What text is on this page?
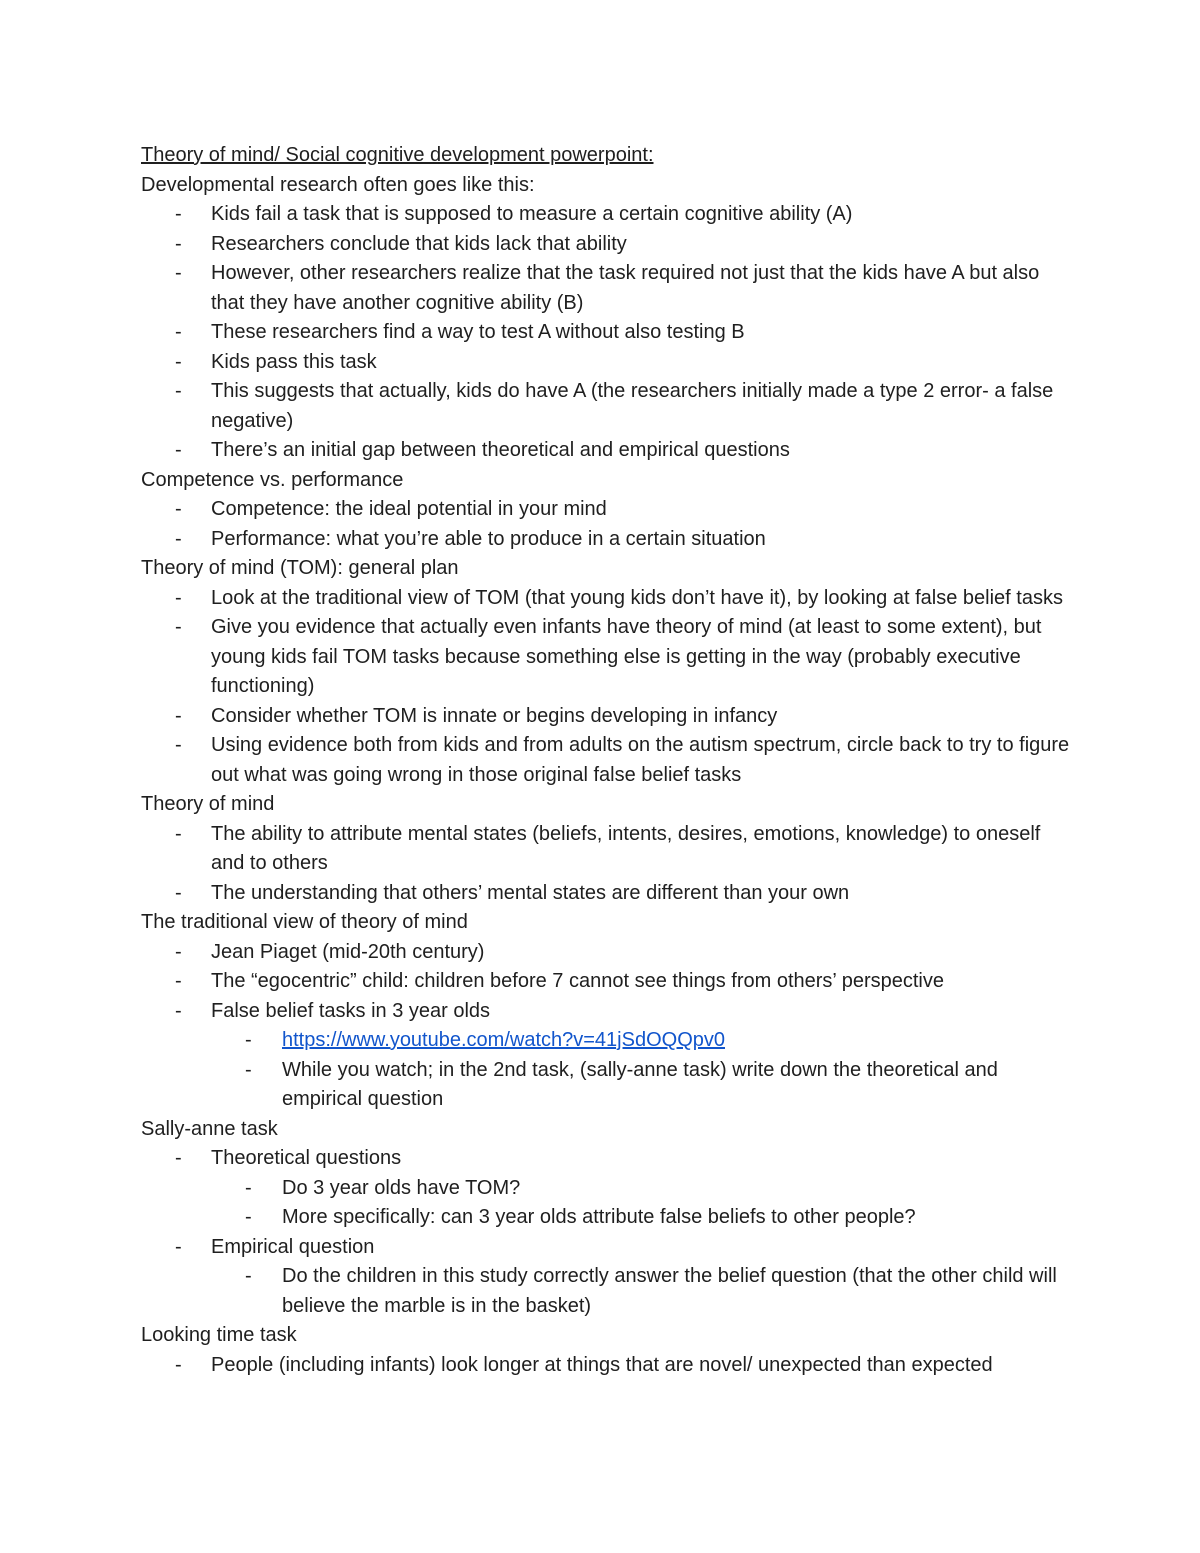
Theory of mind/ Social cognitive development powerpoint:

Developmental research often goes like this:

- Kids fail a task that is supposed to measure a certain cognitive ability (A)
- Researchers conclude that kids lack that ability
- However, other researchers realize that the task required not just that the kids have A but also that they have another cognitive ability (B)
- These researchers find a way to test A without also testing B
- Kids pass this task
- This suggests that actually, kids do have A (the researchers initially made a type 2 error- a false negative)
- There’s an initial gap between theoretical and empirical questions

Competence vs. performance

- Competence: the ideal potential in your mind
- Performance: what you’re able to produce in a certain situation

Theory of mind (TOM): general plan

- Look at the traditional view of TOM (that young kids don’t have it), by looking at false belief tasks
- Give you evidence that actually even infants have theory of mind (at least to some extent), but young kids fail TOM tasks because something else is getting in the way (probably executive functioning)
- Consider whether TOM is innate or begins developing in infancy
- Using evidence both from kids and from adults on the autism spectrum, circle back to try to figure out what was going wrong in those original false belief tasks

Theory of mind

- The ability to attribute mental states (beliefs, intents, desires, emotions, knowledge) to oneself and to others
- The understanding that others’ mental states are different than your own

The traditional view of theory of mind

- Jean Piaget (mid-20th century)
- The “egocentric” child: children before 7 cannot see things from others’ perspective
- False belief tasks in 3 year olds
- https://www.youtube.com/watch?v=41jSdOQQpv0
- While you watch; in the 2nd task, (sally-anne task) write down the theoretical and empirical question

Sally-anne task

- Theoretical questions
- Do 3 year olds have TOM?
- More specifically: can 3 year olds attribute false beliefs to other people?
- Empirical question
- Do the children in this study correctly answer the belief question (that the other child will believe the marble is in the basket)

Looking time task

- People (including infants) look longer at things that are novel/ unexpected than expected
